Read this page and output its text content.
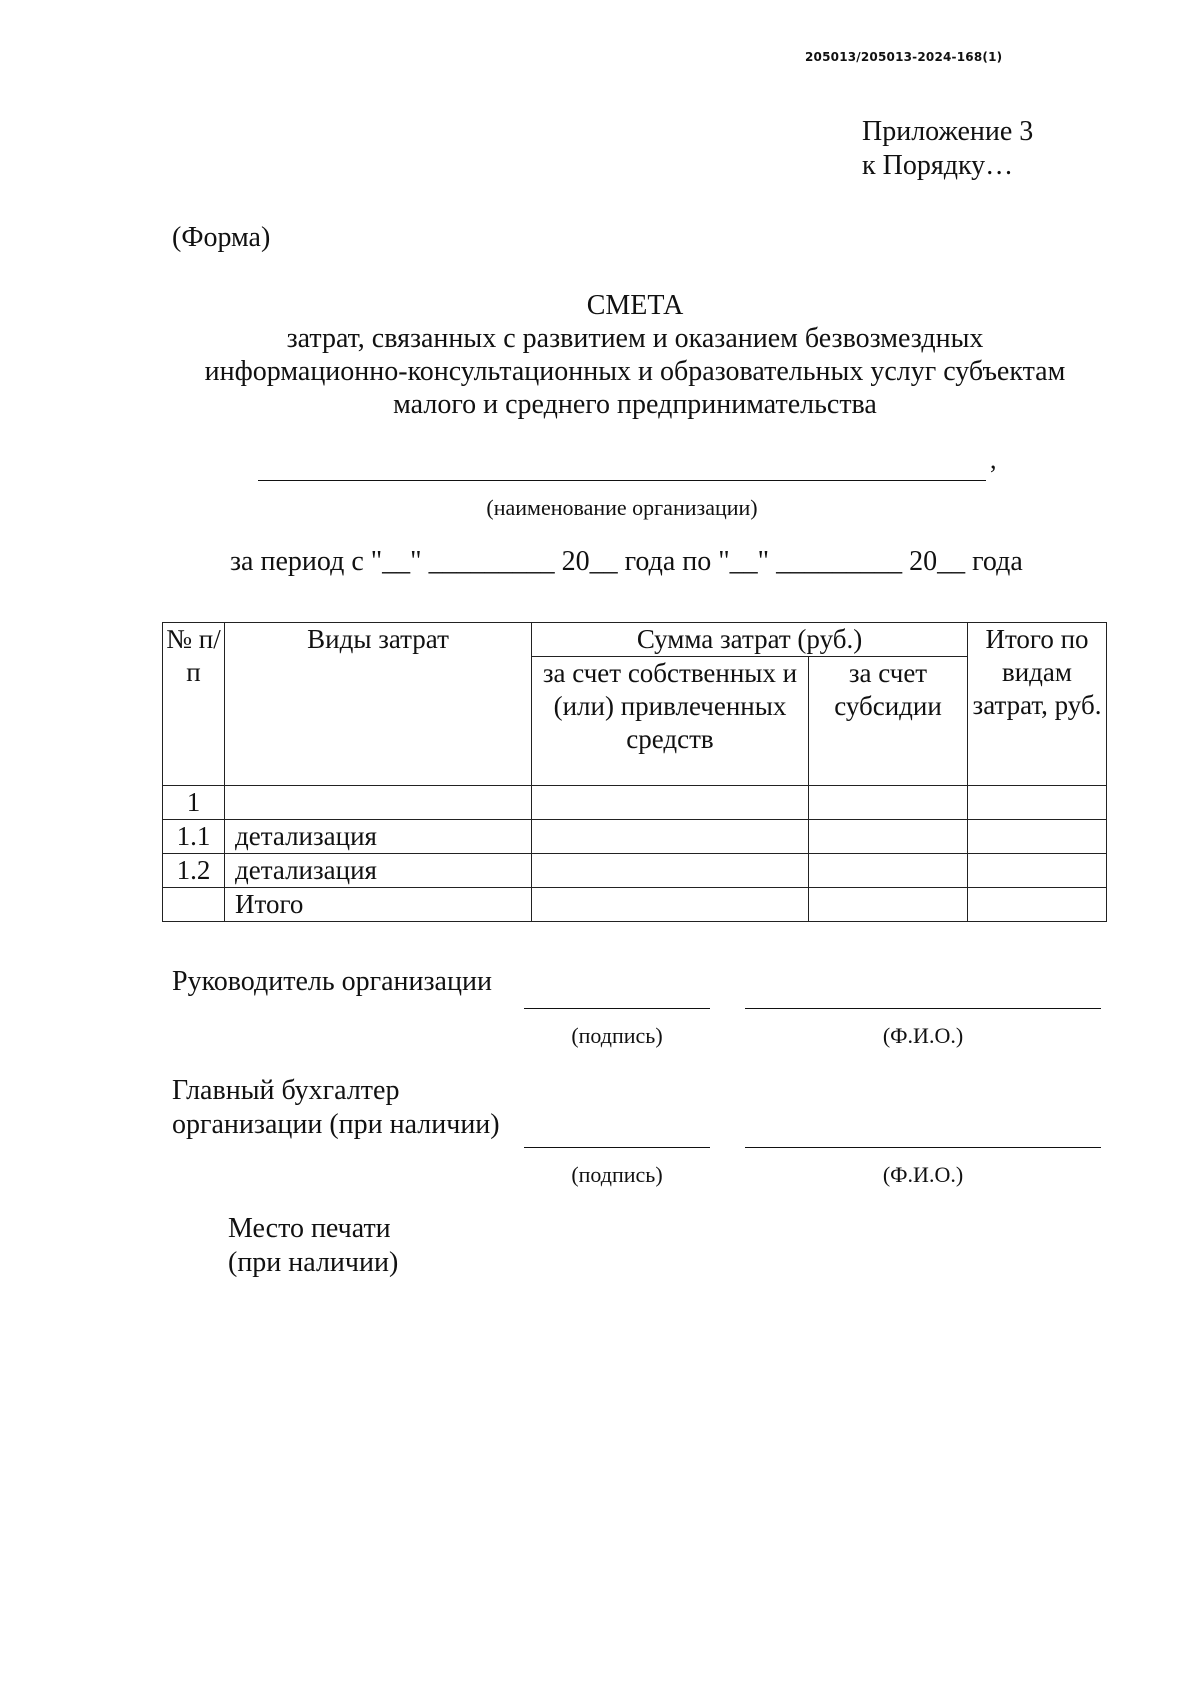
205013/205013-2024-168(1)
Приложение 3
к Порядку…
(Форма)
СМЕТА
затрат, связанных с развитием и оказанием безвозмездных
информационно-консультационных и образовательных услуг субъектам
малого и среднего предпринимательства
,
(наименование организации)
за период с "__" _________ 20__ года по "__" _________ 20__ года
№ п/п	Виды затрат	Сумма затрат (руб.)		Итого по видам затрат, руб.
		за счет собственных и (или) привлеченных средств	за счет субсидии	
1				
1.1	детализация			
1.2	детализация			
	Итого			
Руководитель организации
(подпись)	(Ф.И.О.)
Главный бухгалтер
организации (при наличии)
(подпись)	(Ф.И.О.)
Место печати
(при наличии)
